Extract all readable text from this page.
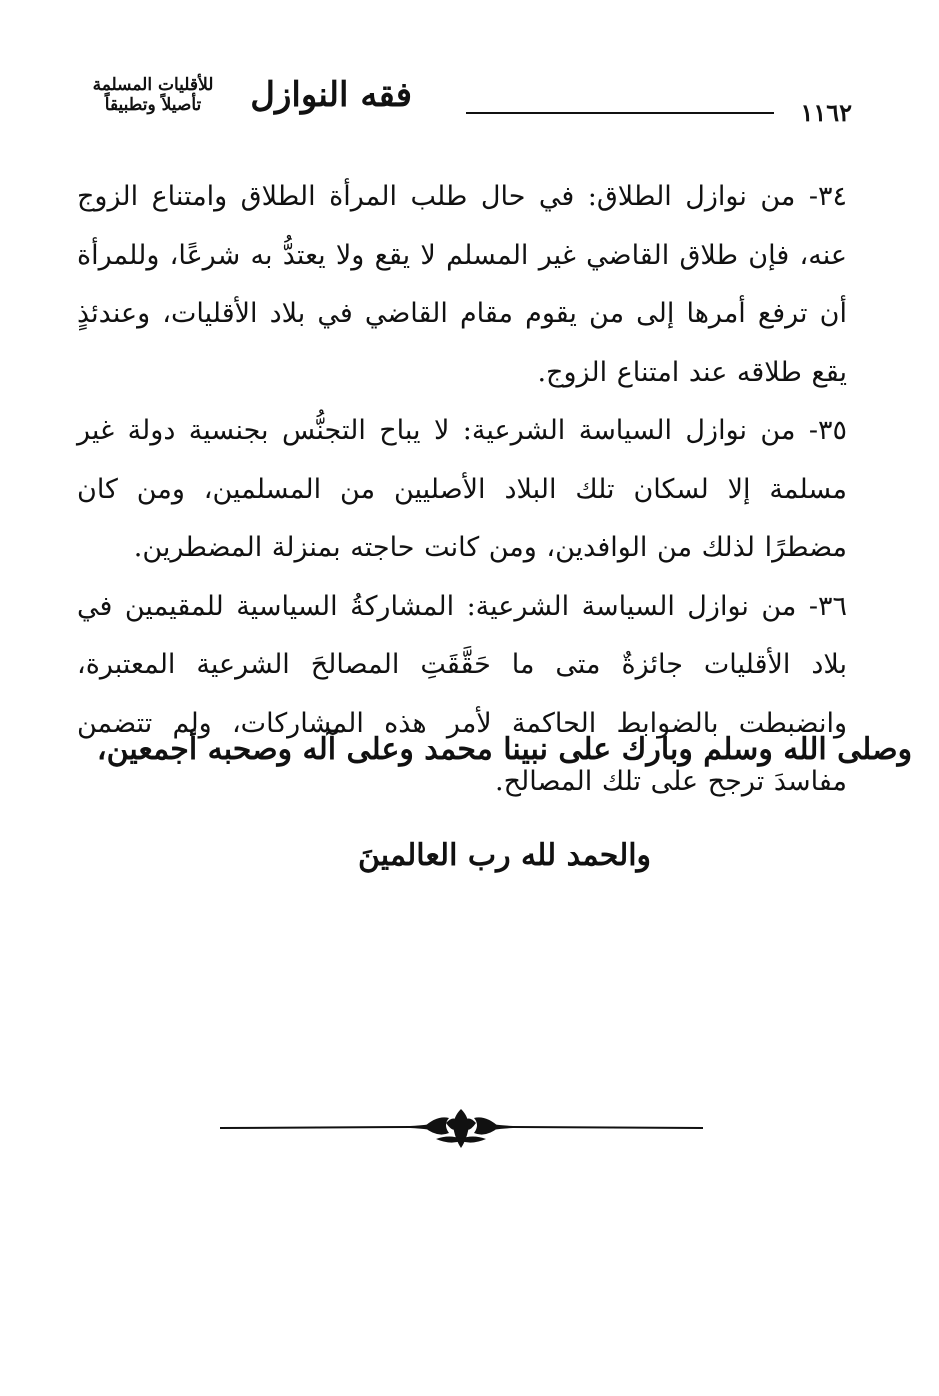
١١٦٢
فقه النوازل
للأقليات المسلمة
تأصيلاً وتطبيقاً

٣٤- من نوازل الطلاق: في حال طلب المرأة الطلاق وامتناع الزوج عنه، فإن طلاق القاضي غير المسلم لا يقع ولا يعتدُّ به شرعًا، وللمرأة أن ترفع أمرها إلى من يقوم مقام القاضي في بلاد الأقليات، وعندئذٍ يقع طلاقه عند امتناع الزوج.

٣٥- من نوازل السياسة الشرعية: لا يباح التجنُّس بجنسية دولة غير مسلمة إلا لسكان تلك البلاد الأصليين من المسلمين، ومن كان مضطرًا لذلك من الوافدين، ومن كانت حاجته بمنزلة المضطرين.

٣٦- من نوازل السياسة الشرعية: المشاركةُ السياسية للمقيمين في بلاد الأقليات جائزةٌ متى ما حَقَّقَتِ المصالحَ الشرعية المعتبرة، وانضبطت بالضوابط الحاكمة لأمر هذه المشاركات، ولم تتضمن مفاسدَ ترجح على تلك المصالح.

وصلى الله وسلم وبارك على نبينا محمد وعلى آله وصحبه أجمعين،
والحمد لله رب العالمينَ
